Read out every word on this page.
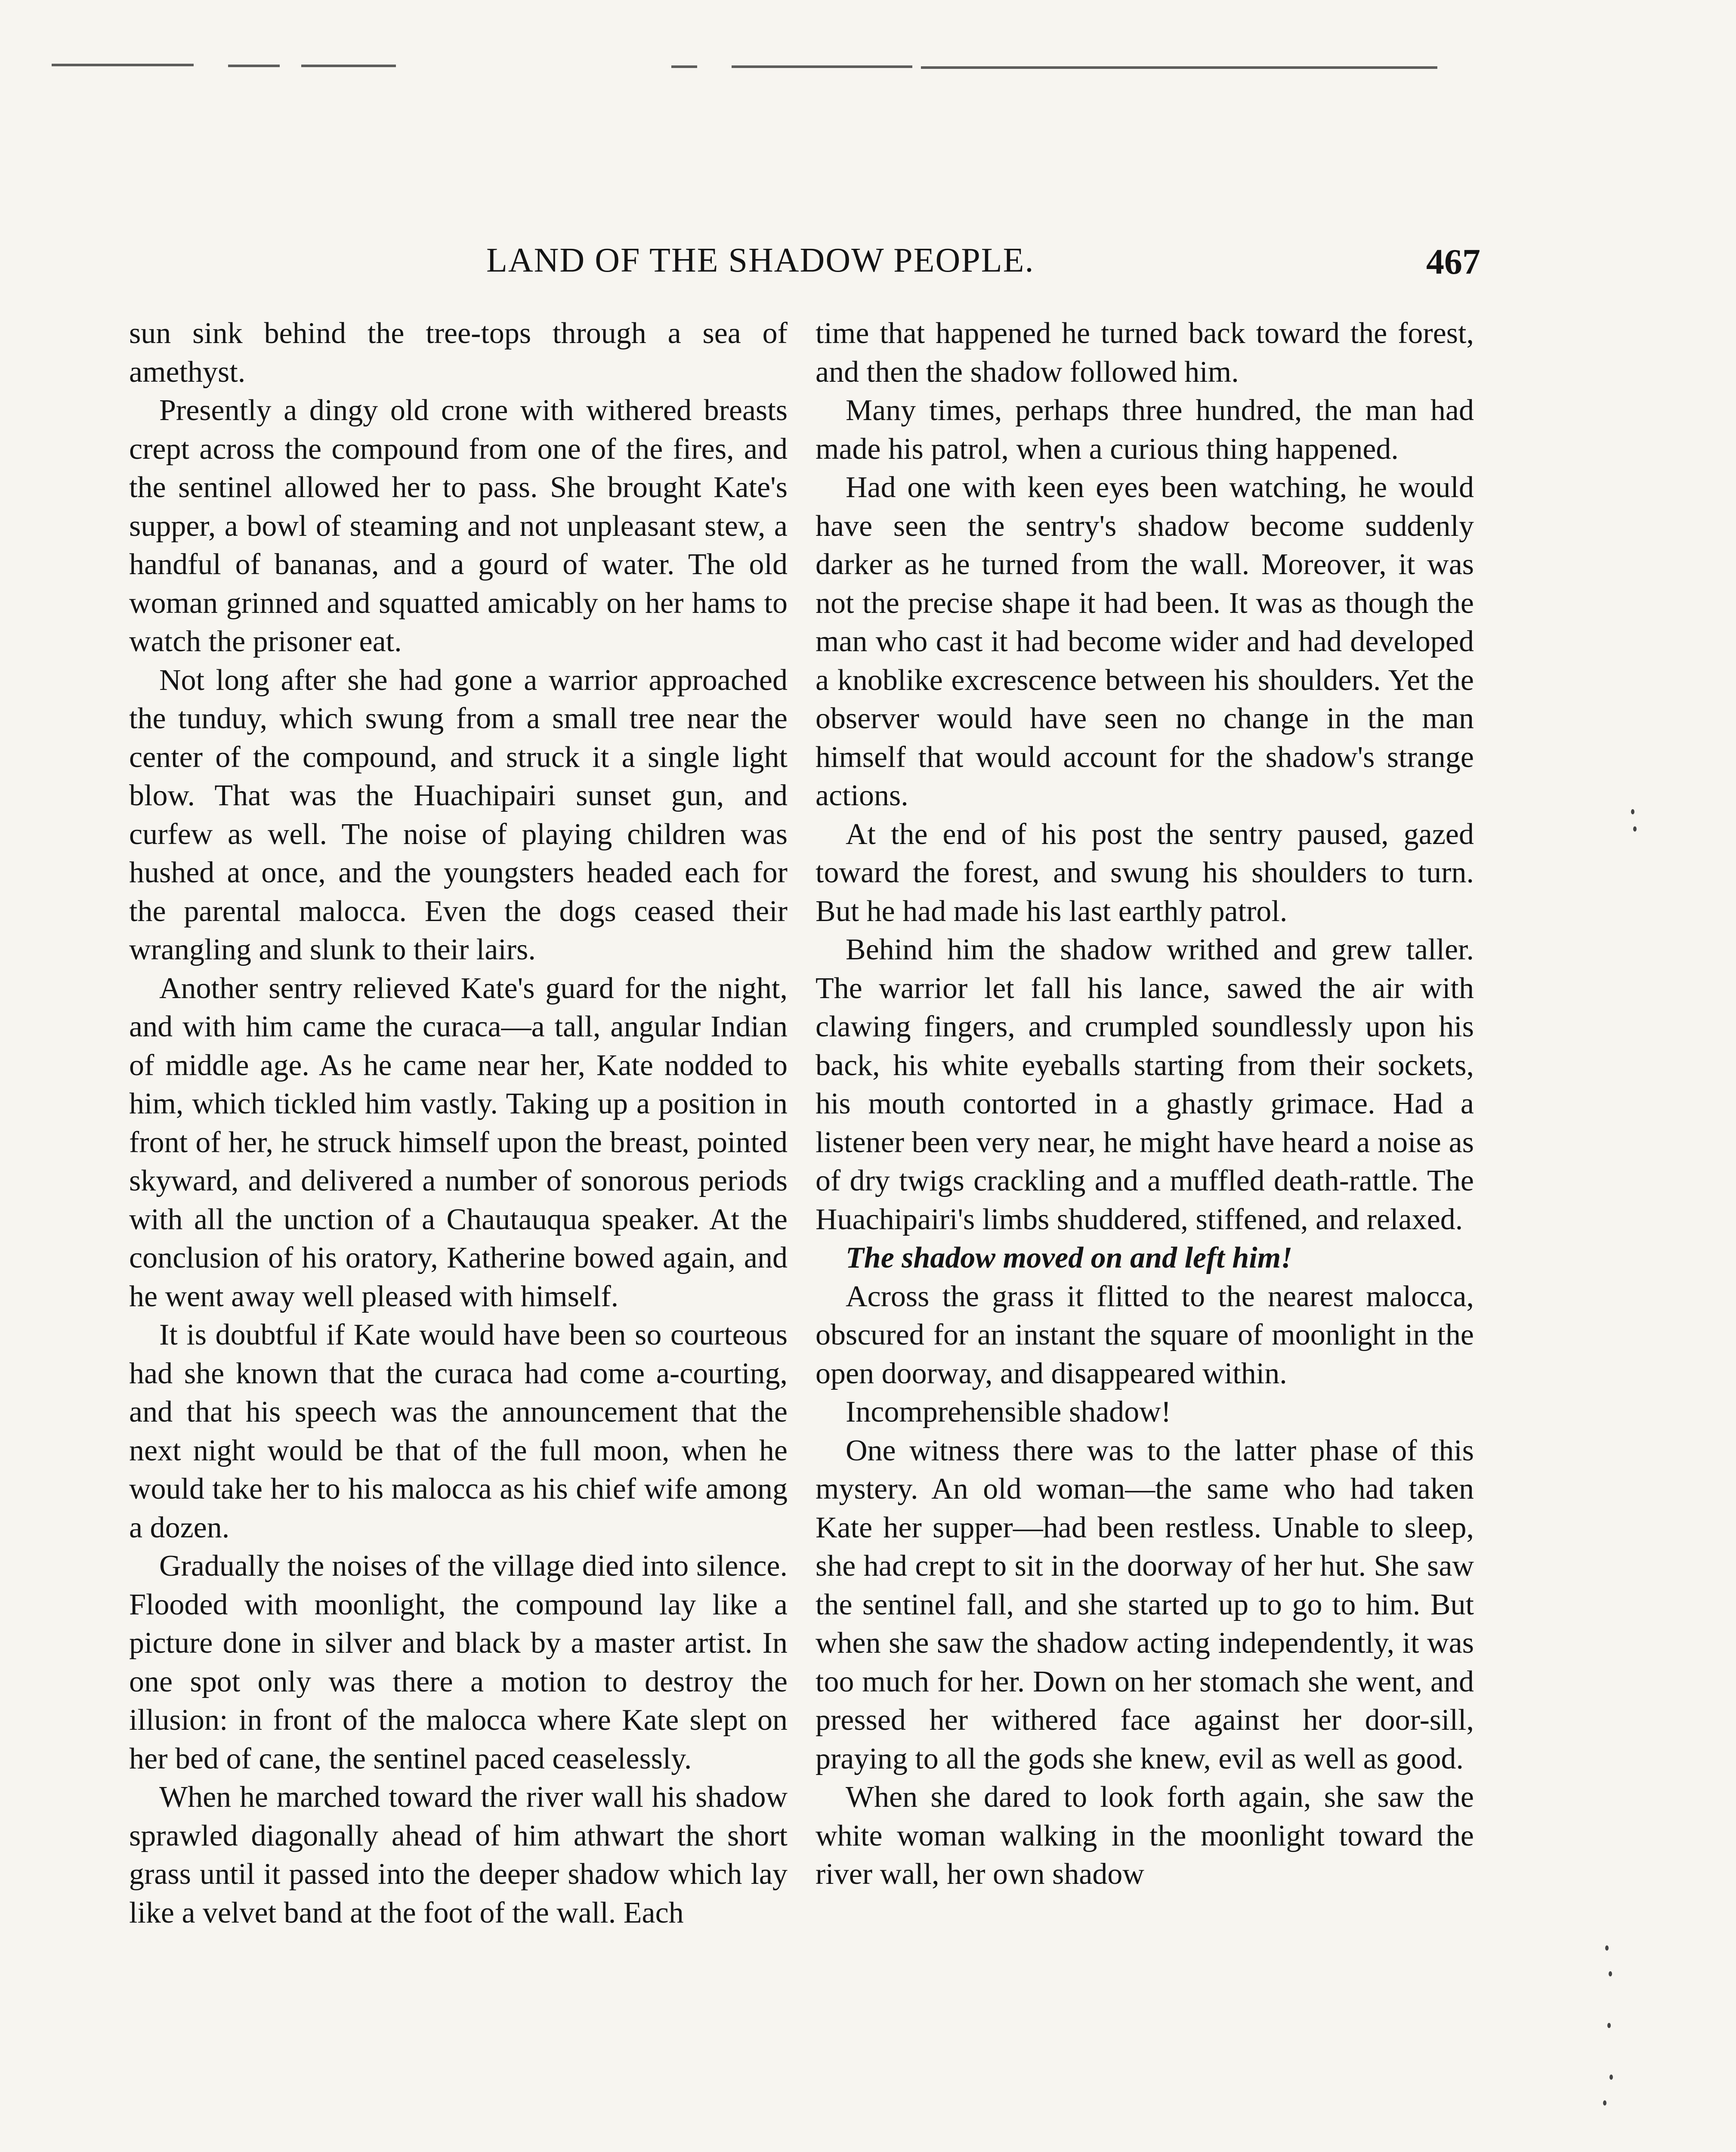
LAND OF THE SHADOW PEOPLE.	467

sun sink behind the tree-tops through a sea of amethyst.

Presently a dingy old crone with withered breasts crept across the compound from one of the fires, and the sentinel allowed her to pass. She brought Kate's supper, a bowl of steaming and not unpleasant stew, a handful of bananas, and a gourd of water. The old woman grinned and squatted amicably on her hams to watch the prisoner eat.

Not long after she had gone a warrior approached the tunduy, which swung from a small tree near the center of the compound, and struck it a single light blow. That was the Huachipairi sunset gun, and curfew as well. The noise of playing children was hushed at once, and the youngsters headed each for the parental malocca. Even the dogs ceased their wrangling and slunk to their lairs.

Another sentry relieved Kate's guard for the night, and with him came the curaca—a tall, angular Indian of middle age. As he came near her, Kate nodded to him, which tickled him vastly. Taking up a position in front of her, he struck himself upon the breast, pointed skyward, and delivered a number of sonorous periods with all the unction of a Chautauqua speaker. At the conclusion of his oratory, Katherine bowed again, and he went away well pleased with himself.

It is doubtful if Kate would have been so courteous had she known that the curaca had come a-courting, and that his speech was the announcement that the next night would be that of the full moon, when he would take her to his malocca as his chief wife among a dozen.

Gradually the noises of the village died into silence. Flooded with moonlight, the compound lay like a picture done in silver and black by a master artist. In one spot only was there a motion to destroy the illusion: in front of the malocca where Kate slept on her bed of cane, the sentinel paced ceaselessly.

When he marched toward the river wall his shadow sprawled diagonally ahead of him athwart the short grass until it passed into the deeper shadow which lay like a velvet band at the foot of the wall. Each

time that happened he turned back toward the forest, and then the shadow followed him.

Many times, perhaps three hundred, the man had made his patrol, when a curious thing happened.

Had one with keen eyes been watching, he would have seen the sentry's shadow become suddenly darker as he turned from the wall. Moreover, it was not the precise shape it had been. It was as though the man who cast it had become wider and had developed a knoblike excrescence between his shoulders. Yet the observer would have seen no change in the man himself that would account for the shadow's strange actions.

At the end of his post the sentry paused, gazed toward the forest, and swung his shoulders to turn. But he had made his last earthly patrol.

Behind him the shadow writhed and grew taller. The warrior let fall his lance, sawed the air with clawing fingers, and crumpled soundlessly upon his back, his white eyeballs starting from their sockets, his mouth contorted in a ghastly grimace. Had a listener been very near, he might have heard a noise as of dry twigs crackling and a muffled death-rattle. The Huachipairi's limbs shuddered, stiffened, and relaxed.

The shadow moved on and left him!

Across the grass it flitted to the nearest malocca, obscured for an instant the square of moonlight in the open doorway, and disappeared within.

Incomprehensible shadow!

One witness there was to the latter phase of this mystery. An old woman—the same who had taken Kate her supper—had been restless. Unable to sleep, she had crept to sit in the doorway of her hut. She saw the sentinel fall, and she started up to go to him. But when she saw the shadow acting independently, it was too much for her. Down on her stomach she went, and pressed her withered face against her door-sill, praying to all the gods she knew, evil as well as good.

When she dared to look forth again, she saw the white woman walking in the moonlight toward the river wall, her own shadow
